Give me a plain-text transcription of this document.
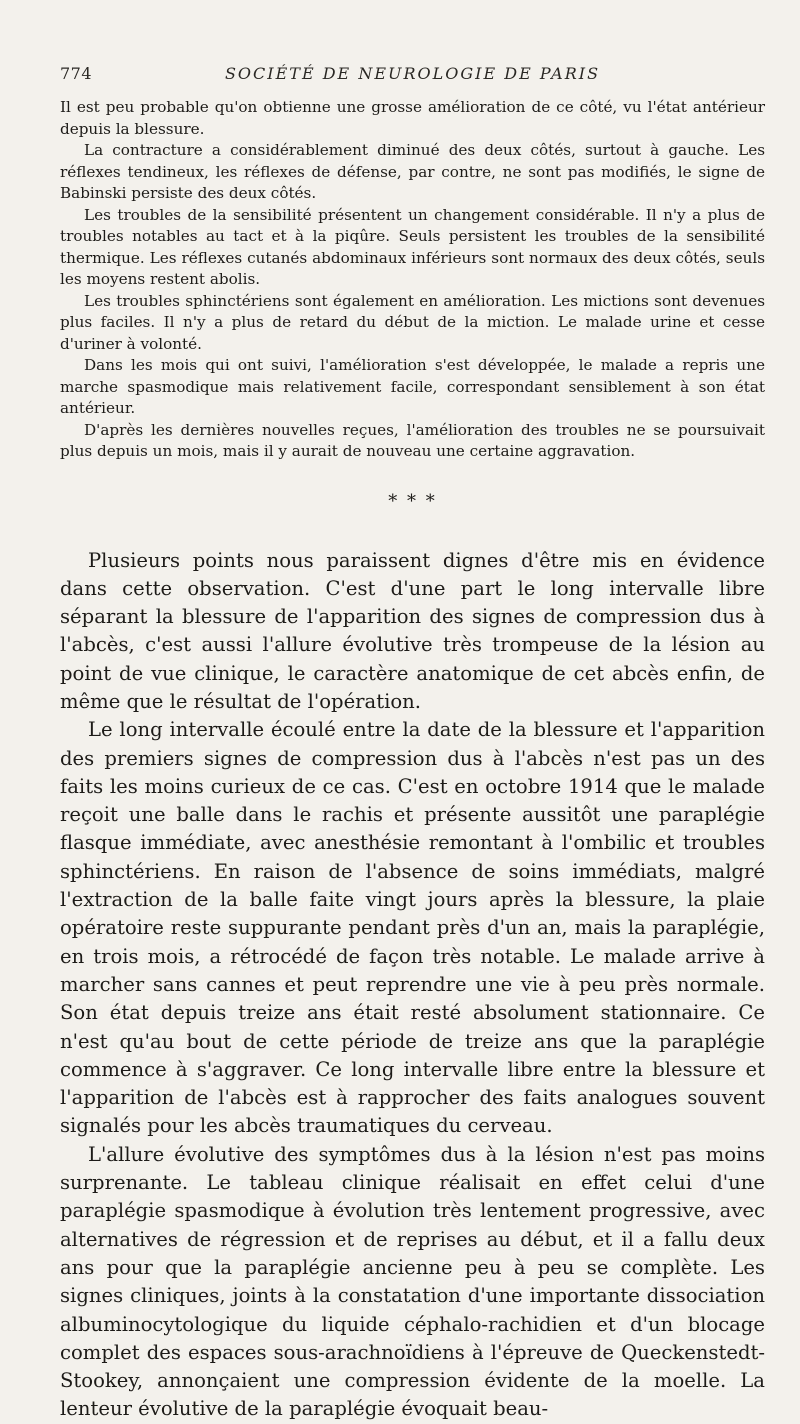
774	SOCIÉTÉ DE NEUROLOGIE DE PARIS

Il est peu probable qu'on obtienne une grosse amélioration de ce côté, vu l'état antérieur depuis la blessure.

La contracture a considérablement diminué des deux côtés, surtout à gauche. Les réflexes tendineux, les réflexes de défense, par contre, ne sont pas modifiés, le signe de Babinski persiste des deux côtés.

Les troubles de la sensibilité présentent un changement considérable. Il n'y a plus de troubles notables au tact et à la piqûre. Seuls persistent les troubles de la sensibilité thermique. Les réflexes cutanés abdominaux inférieurs sont normaux des deux côtés, seuls les moyens restent abolis.

Les troubles sphinctériens sont également en amélioration. Les mictions sont devenues plus faciles. Il n'y a plus de retard du début de la miction. Le malade urine et cesse d'uriner à volonté.

Dans les mois qui ont suivi, l'amélioration s'est développée, le malade a repris une marche spasmodique mais relativement facile, correspondant sensiblement à son état antérieur.

D'après les dernières nouvelles reçues, l'amélioration des troubles ne se poursuivait plus depuis un mois, mais il y aurait de nouveau une certaine aggravation.

* * *

Plusieurs points nous paraissent dignes d'être mis en évidence dans cette observation. C'est d'une part le long intervalle libre séparant la blessure de l'apparition des signes de compression dus à l'abcès, c'est aussi l'allure évolutive très trompeuse de la lésion au point de vue clinique, le caractère anatomique de cet abcès enfin, de même que le résultat de l'opération.

Le long intervalle écoulé entre la date de la blessure et l'apparition des premiers signes de compression dus à l'abcès n'est pas un des faits les moins curieux de ce cas. C'est en octobre 1914 que le malade reçoit une balle dans le rachis et présente aussitôt une paraplégie flasque immédiate, avec anesthésie remontant à l'ombilic et troubles sphinctériens. En raison de l'absence de soins immédiats, malgré l'extraction de la balle faite vingt jours après la blessure, la plaie opératoire reste suppurante pendant près d'un an, mais la paraplégie, en trois mois, a rétrocédé de façon très notable. Le malade arrive à marcher sans cannes et peut reprendre une vie à peu près normale. Son état depuis treize ans était resté absolument stationnaire. Ce n'est qu'au bout de cette période de treize ans que la paraplégie commence à s'aggraver. Ce long intervalle libre entre la blessure et l'apparition de l'abcès est à rapprocher des faits analogues souvent signalés pour les abcès traumatiques du cerveau.

L'allure évolutive des symptômes dus à la lésion n'est pas moins surprenante. Le tableau clinique réalisait en effet celui d'une paraplégie spasmodique à évolution très lentement progressive, avec alternatives de régression et de reprises au début, et il a fallu deux ans pour que la paraplégie ancienne peu à peu se complète. Les signes cliniques, joints à la constatation d'une importante dissociation albuminocytologique du liquide céphalo-rachidien et d'un blocage complet des espaces sous-arachnoïdiens à l'épreuve de Queckenstedt-Stookey, annonçaient une compression évidente de la moelle. La lenteur évolutive de la paraplégie évoquait beau-
